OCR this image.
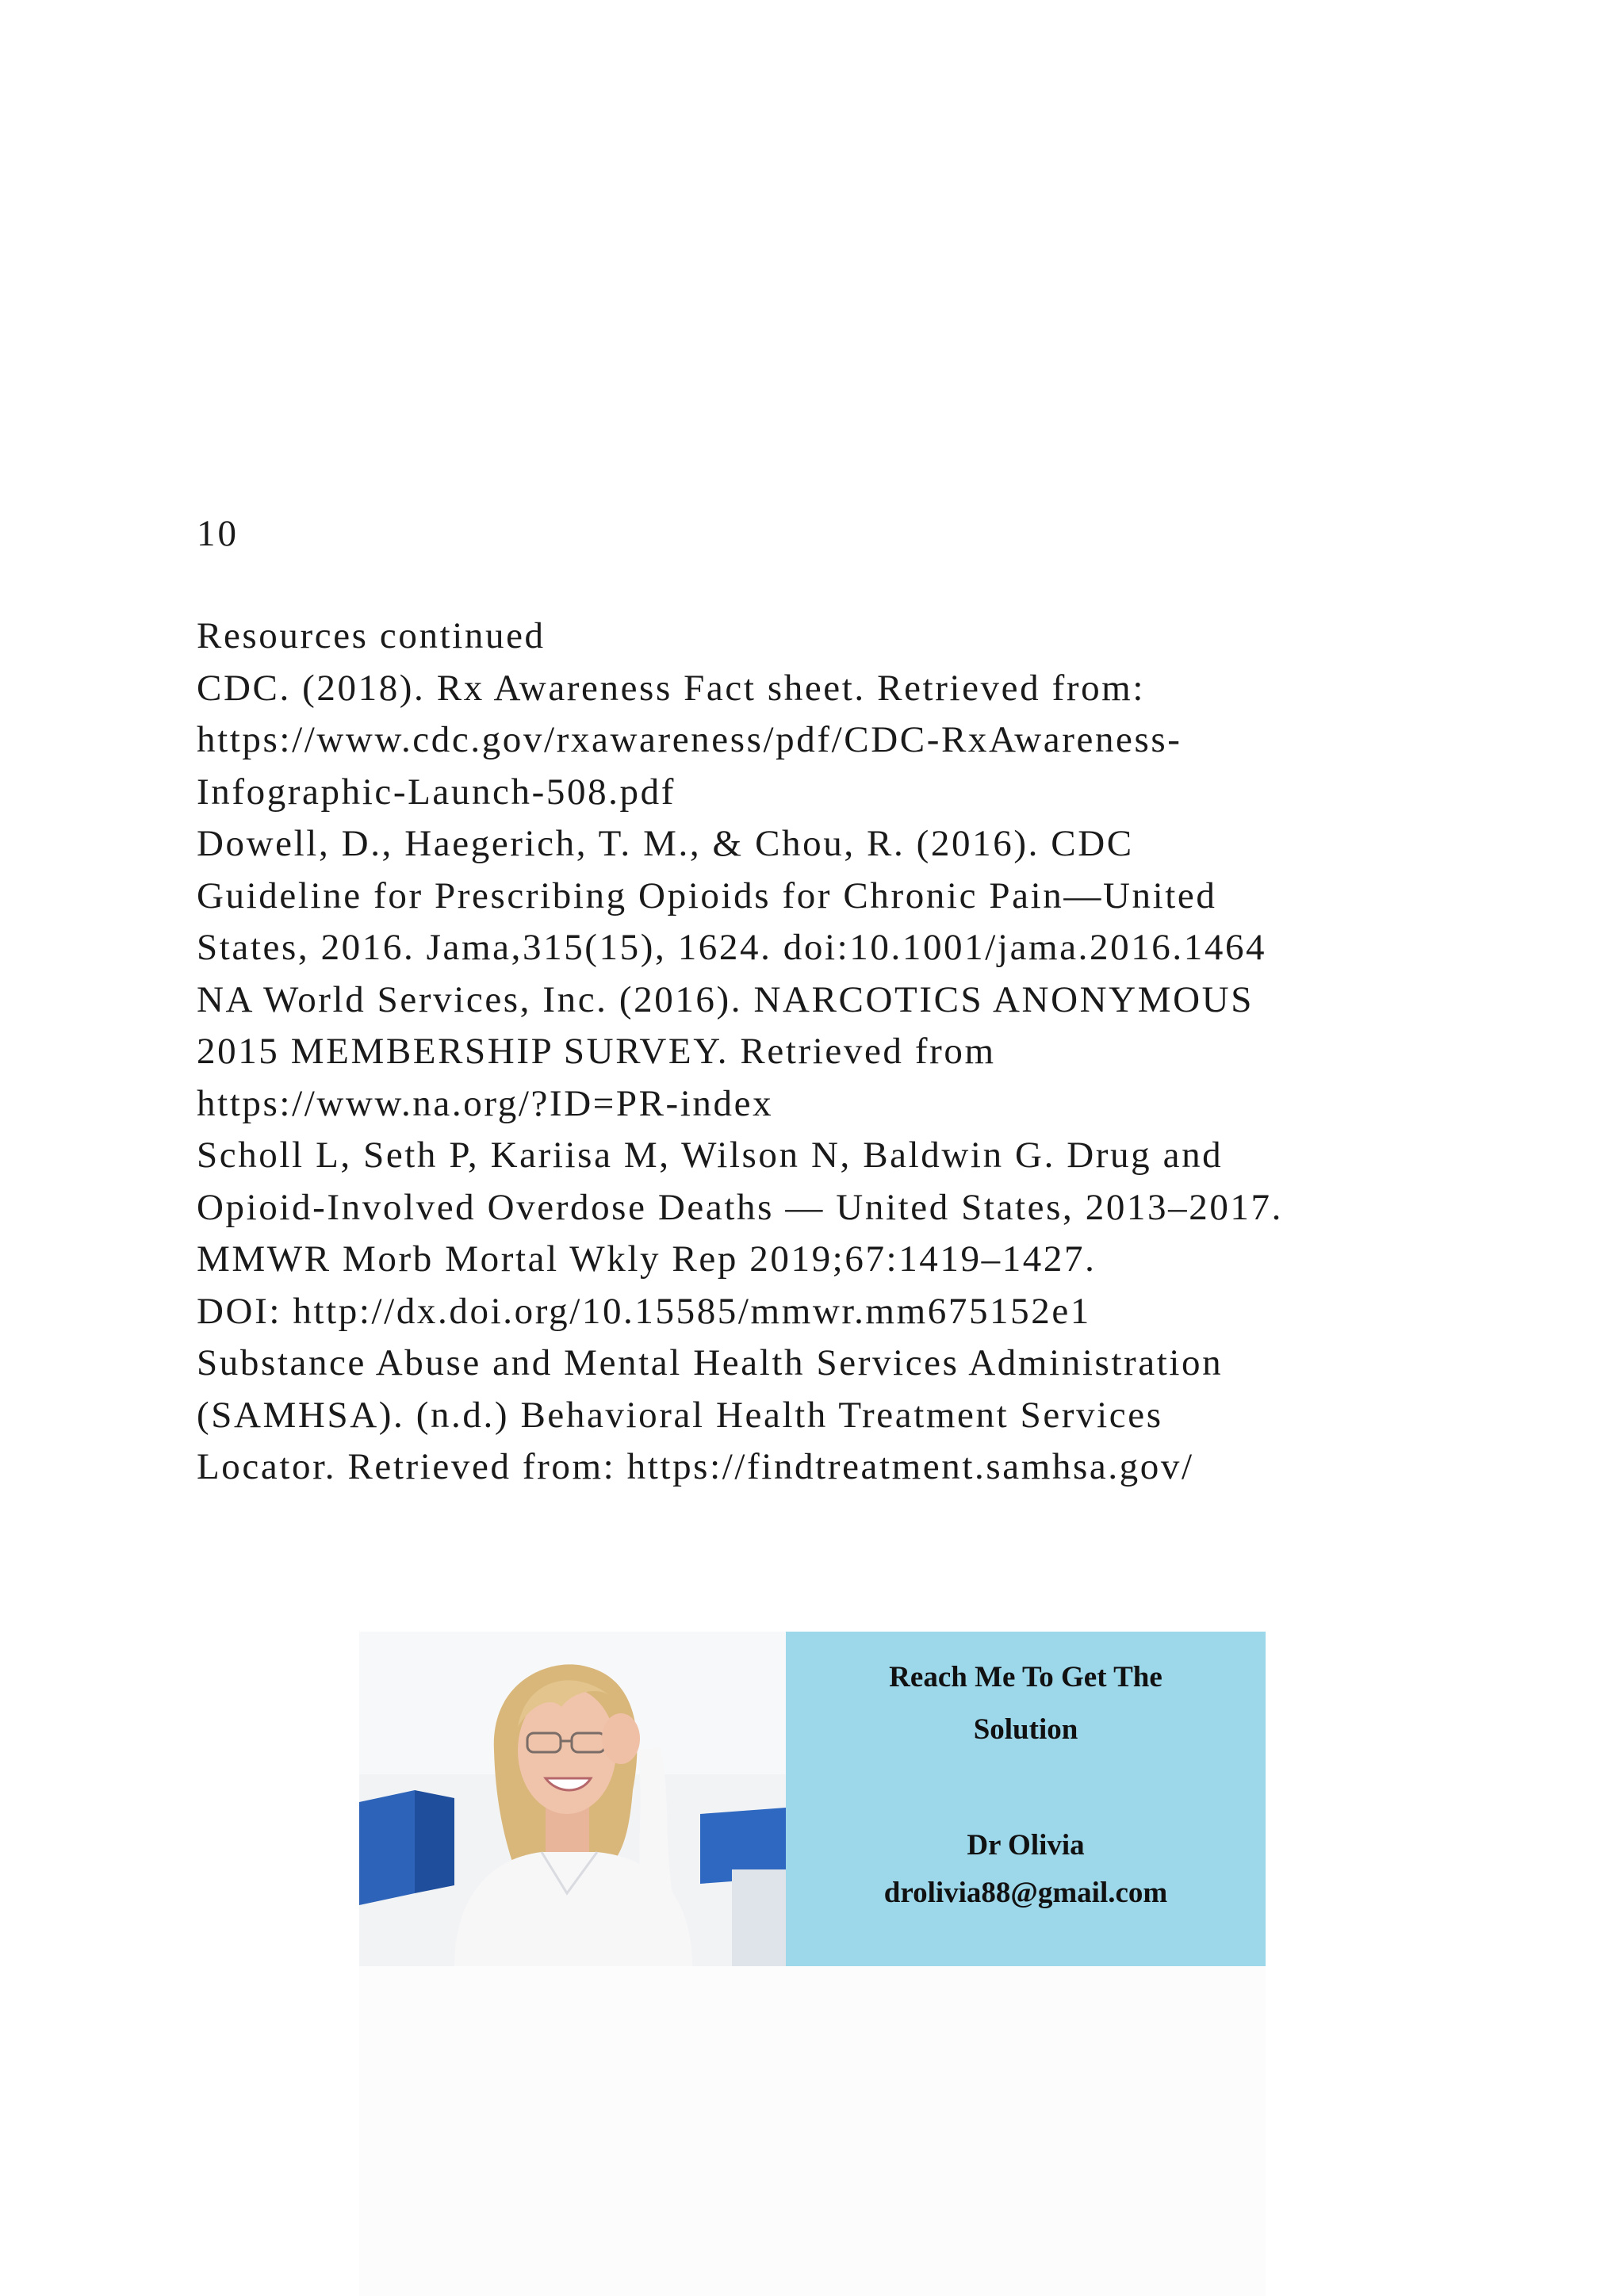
10
Resources continued
CDC. (2018). Rx Awareness Fact sheet. Retrieved from:
https://www.cdc.gov/rxawareness/pdf/CDC-RxAwareness-
Infographic-Launch-508.pdf
Dowell, D., Haegerich, T. M., & Chou, R. (2016). CDC
Guideline for Prescribing Opioids for Chronic Pain—United
States, 2016. Jama,315(15), 1624. doi:10.1001/jama.2016.1464
NA World Services, Inc. (2016). NARCOTICS ANONYMOUS
2015 MEMBERSHIP SURVEY. Retrieved from
https://www.na.org/?ID=PR-index
Scholl L, Seth P, Kariisa M, Wilson N, Baldwin G. Drug and
Opioid-Involved Overdose Deaths — United States, 2013–2017.
MMWR Morb Mortal Wkly Rep 2019;67:1419–1427.
DOI: http://dx.doi.org/10.15585/mmwr.mm675152e1
Substance Abuse and Mental Health Services Administration
(SAMHSA). (n.d.) Behavioral Health Treatment Services
Locator. Retrieved from: https://findtreatment.samhsa.gov/
Reach Me To Get The
Solution
Dr Olivia
drolivia88@gmail.com
